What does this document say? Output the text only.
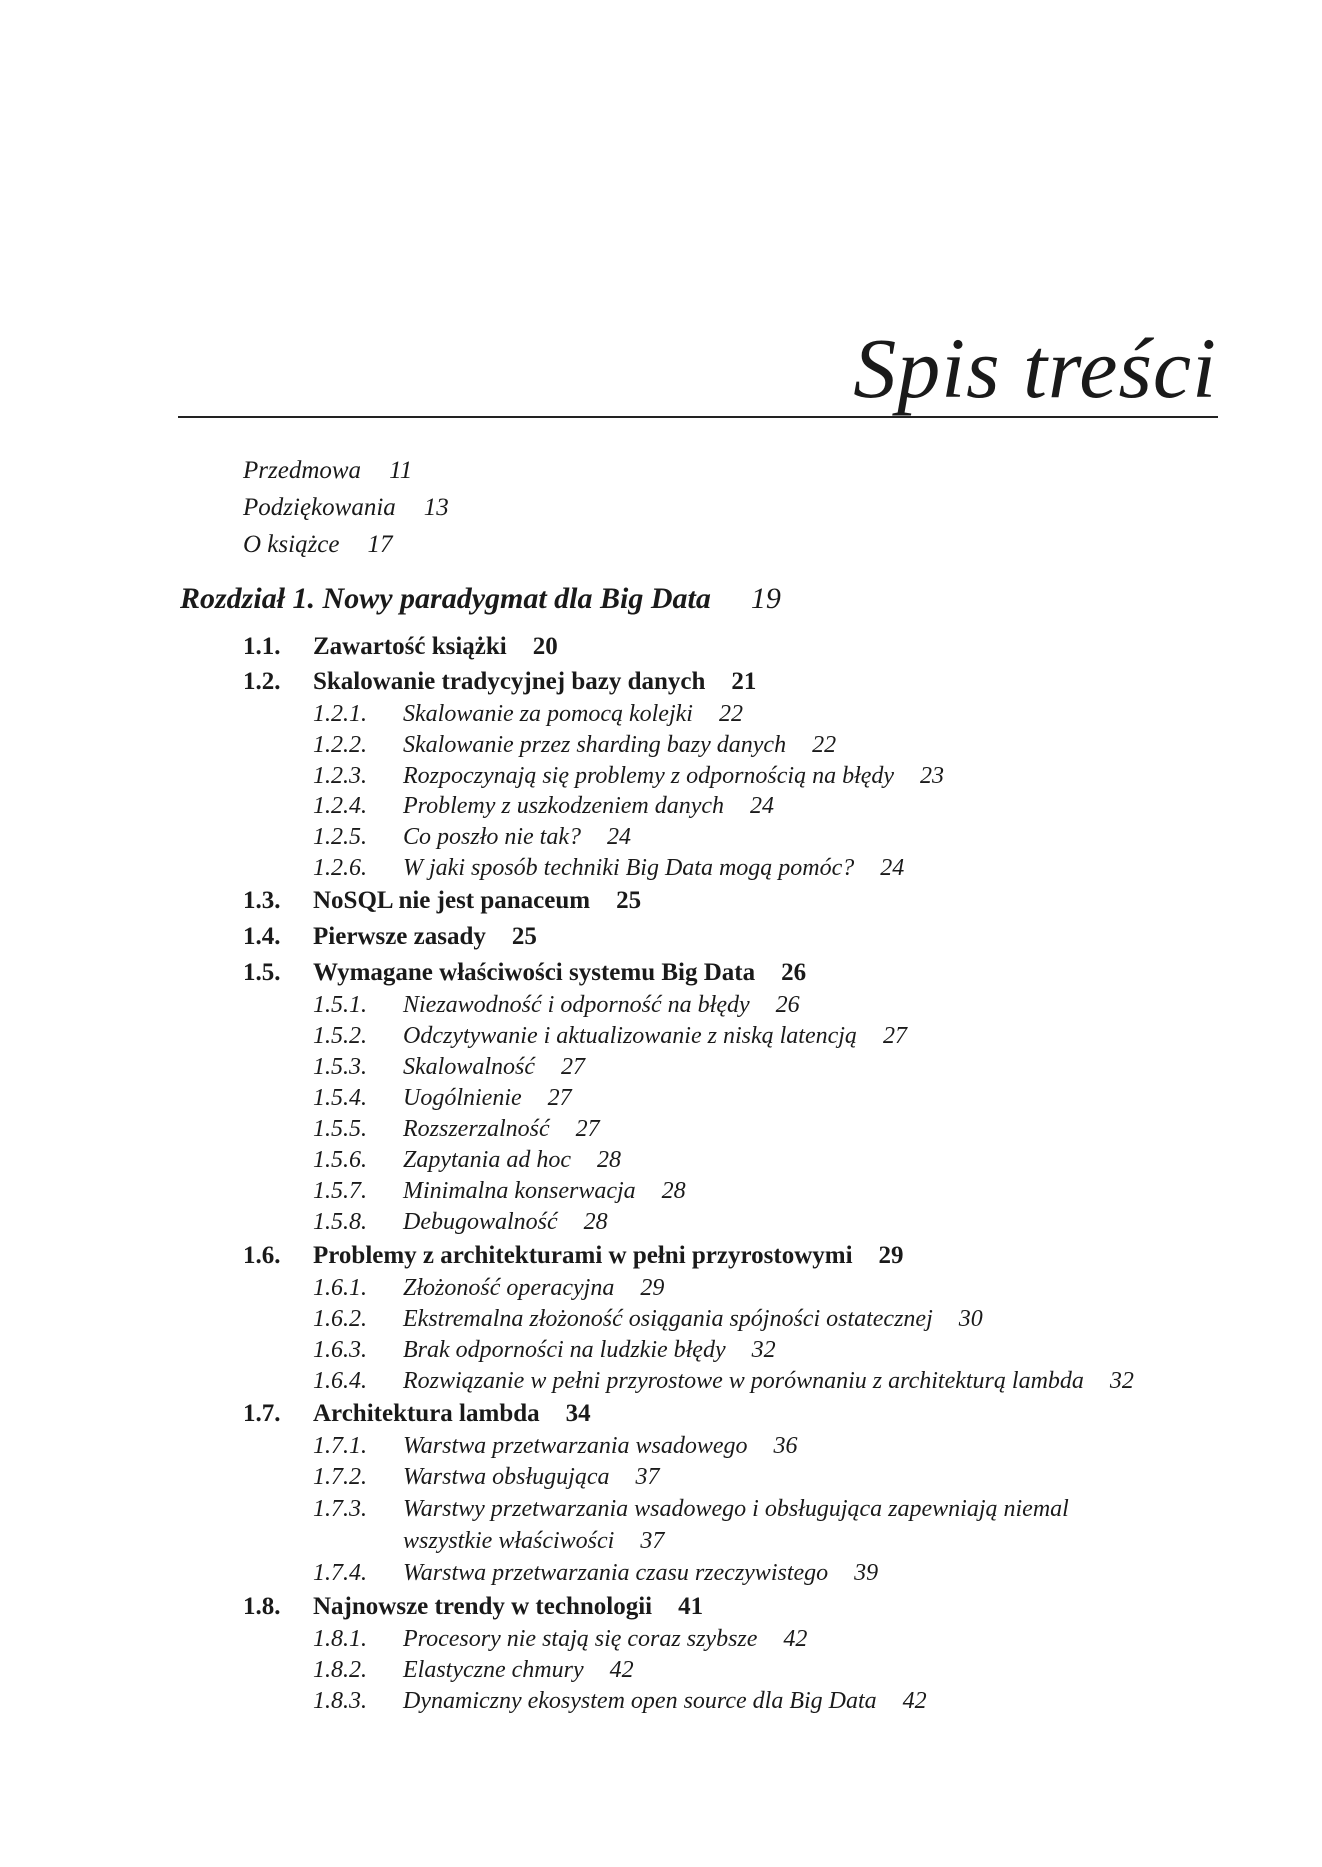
Spis treści

Przedmowa 11

Podziękowania 13

O książce 17

Rozdział 1. Nowy paradygmat dla Big Data 19

1.1. Zawartość książki 20
1.2. Skalowanie tradycyjnej bazy danych 21
1.2.1. Skalowanie za pomocą kolejki 22
1.2.2. Skalowanie przez sharding bazy danych 22
1.2.3. Rozpoczynają się problemy z odpornością na błędy 23
1.2.4. Problemy z uszkodzeniem danych 24
1.2.5. Co poszło nie tak? 24
1.2.6. W jaki sposób techniki Big Data mogą pomóc? 24
1.3. NoSQL nie jest panaceum 25
1.4. Pierwsze zasady 25
1.5. Wymagane właściwości systemu Big Data 26
1.5.1. Niezawodność i odporność na błędy 26
1.5.2. Odczytywanie i aktualizowanie z niską latencją 27
1.5.3. Skalowalność 27
1.5.4. Uogólnienie 27
1.5.5. Rozszerzalność 27
1.5.6. Zapytania ad hoc 28
1.5.7. Minimalna konserwacja 28
1.5.8. Debugowalność 28
1.6. Problemy z architekturami w pełni przyrostowymi 29
1.6.1. Złożoność operacyjna 29
1.6.2. Ekstremalna złożoność osiągania spójności ostatecznej 30
1.6.3. Brak odporności na ludzkie błędy 32
1.6.4. Rozwiązanie w pełni przyrostowe w porównaniu z architekturą lambda 32
1.7. Architektura lambda 34
1.7.1. Warstwa przetwarzania wsadowego 36
1.7.2. Warstwa obsługująca 37
1.7.3. Warstwy przetwarzania wsadowego i obsługująca zapewniają niemal
wszystkie właściwości 37
1.7.4. Warstwa przetwarzania czasu rzeczywistego 39
1.8. Najnowsze trendy w technologii 41
1.8.1. Procesory nie stają się coraz szybsze 42
1.8.2. Elastyczne chmury 42
1.8.3. Dynamiczny ekosystem open source dla Big Data 42
